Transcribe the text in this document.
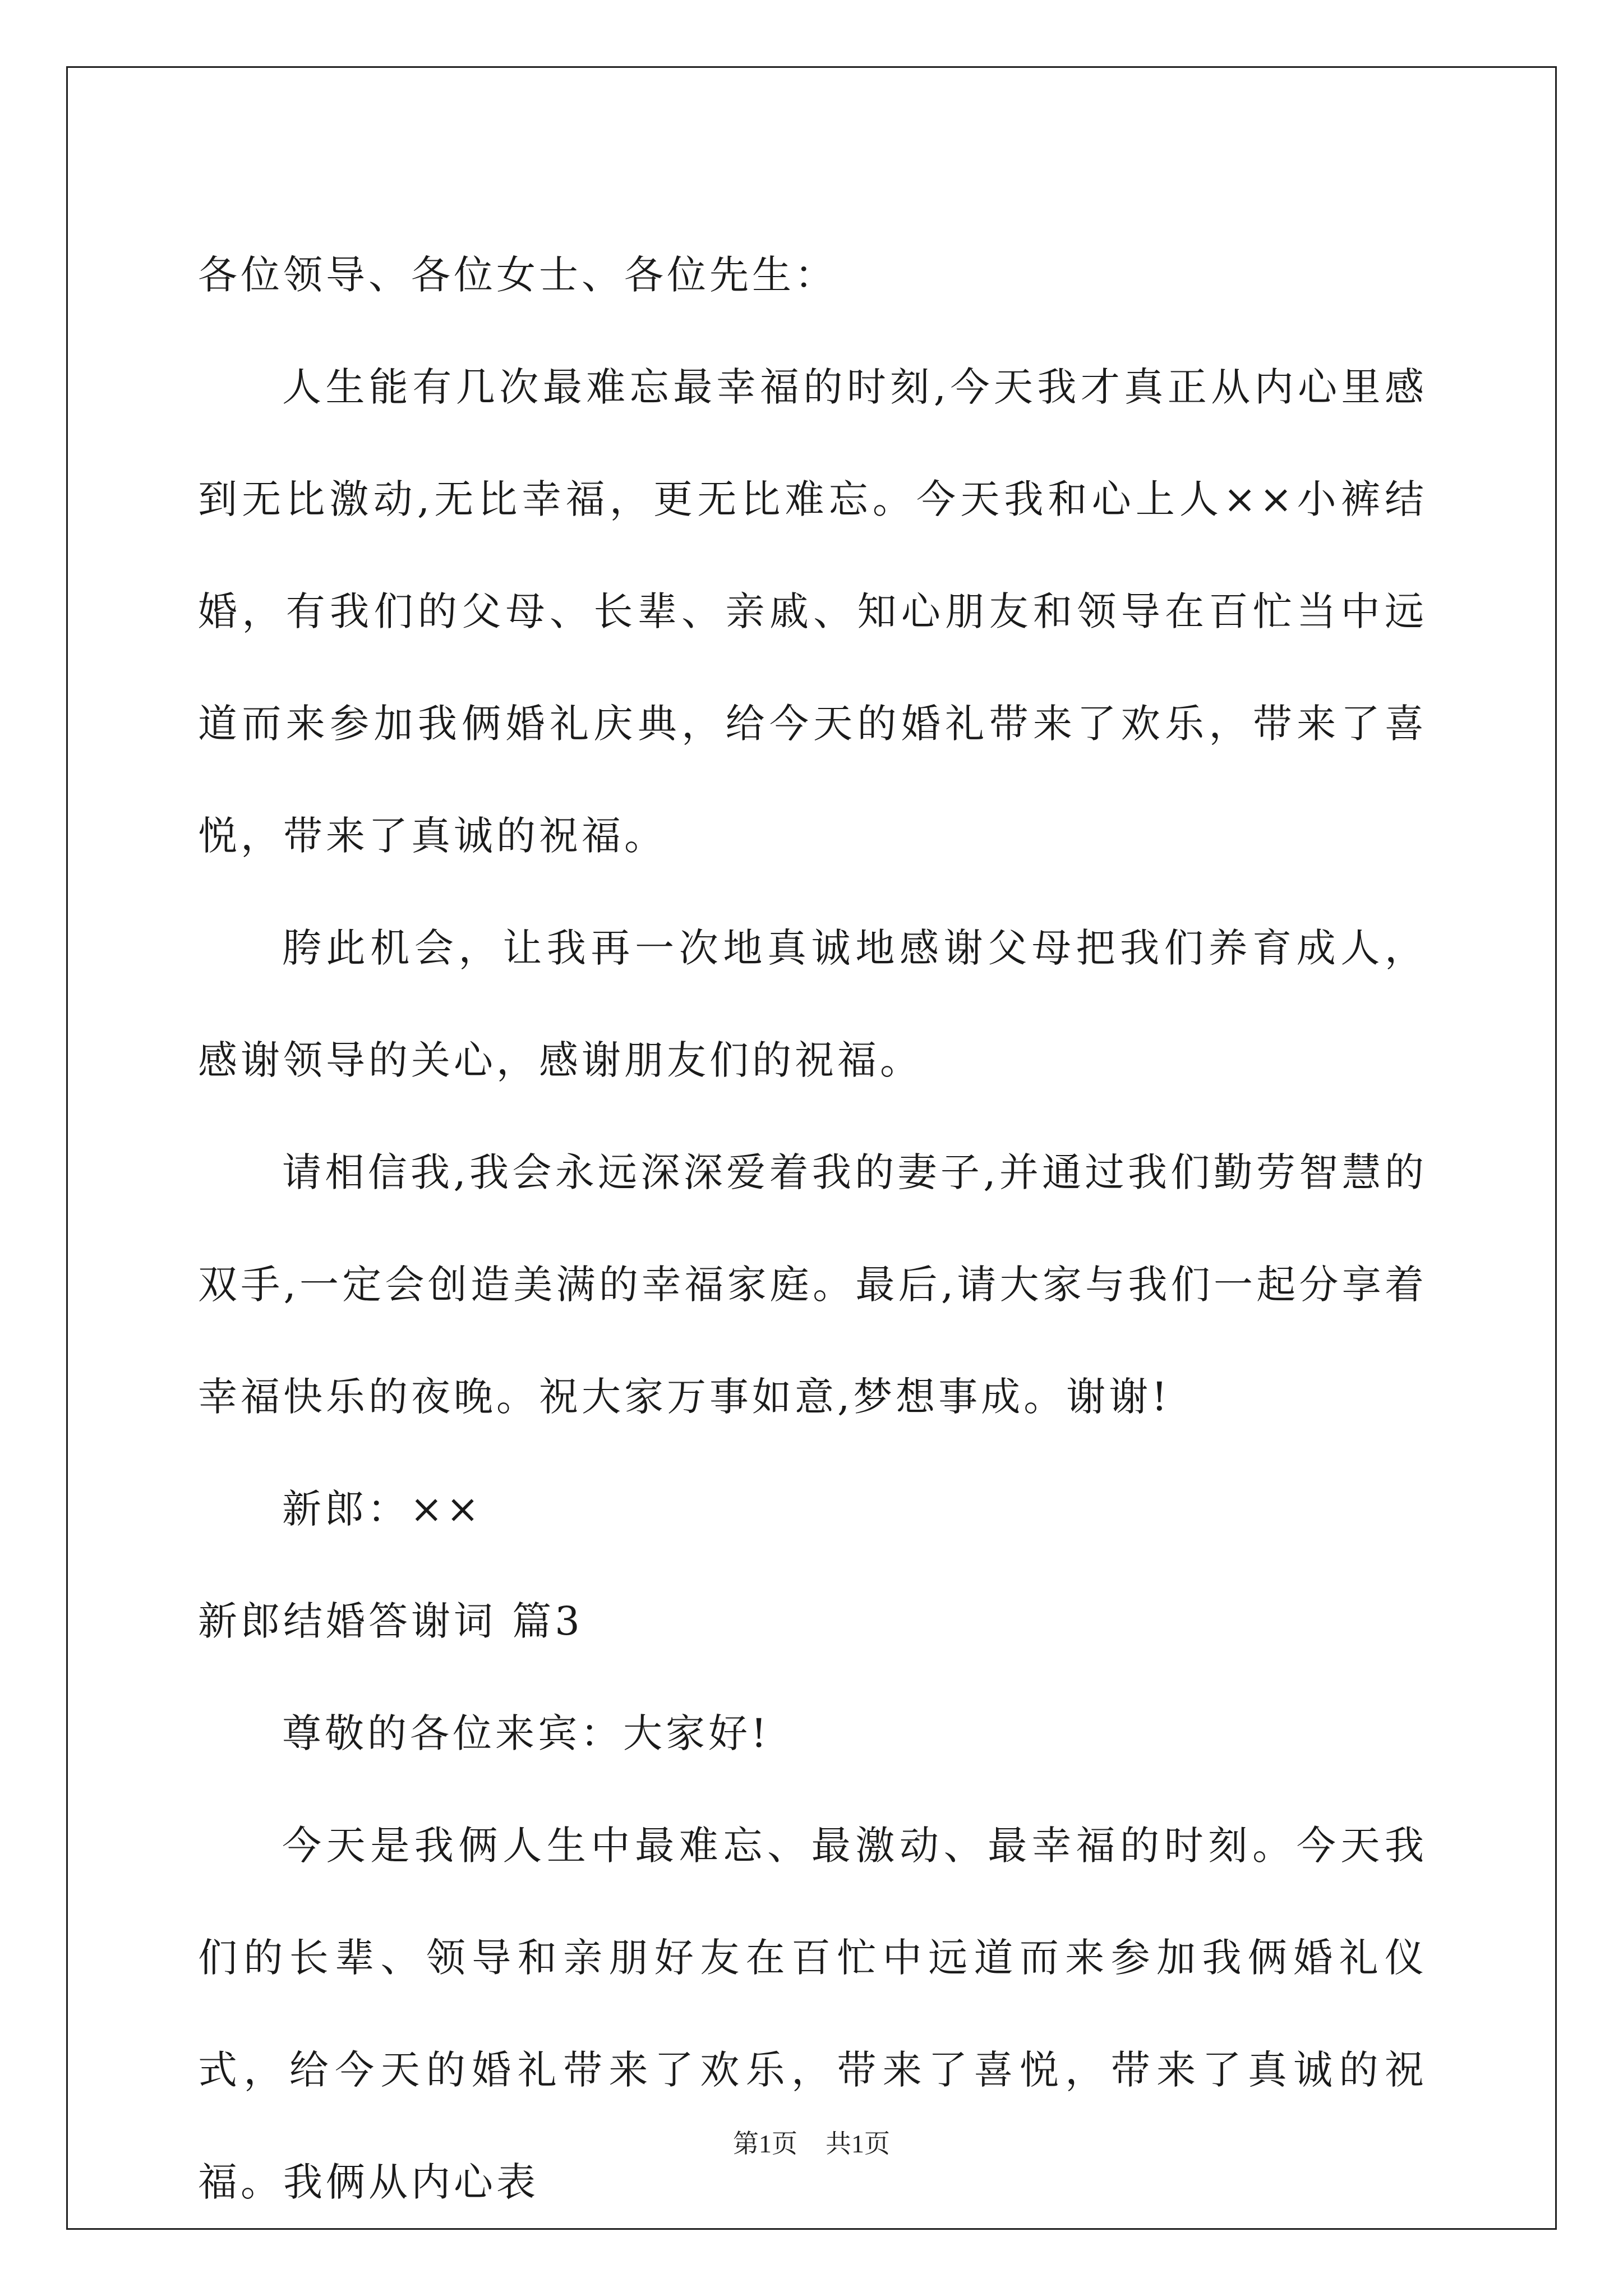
各位领导、各位女士、各位先生：

人生能有几次最难忘最幸福的时刻,今天我才真正从内心里感到无比激动,无比幸福，更无比难忘。今天我和心上人××小裤结婚，有我们的父母、长辈、亲戚、知心朋友和领导在百忙当中远道而来参加我俩婚礼庆典，给今天的婚礼带来了欢乐，带来了喜悦，带来了真诚的祝福。

胯此机会，让我再一次地真诚地感谢父母把我们养育成人，感谢领导的关心，感谢朋友们的祝福。

请相信我,我会永远深深爱着我的妻子,并通过我们勤劳智慧的双手,一定会创造美满的幸福家庭。最后,请大家与我们一起分享着幸福快乐的夜晚。祝大家万事如意,梦想事成。谢谢!

新郎：××

新郎结婚答谢词 篇3

尊敬的各位来宾：大家好!

今天是我俩人生中最难忘、最激动、最幸福的时刻。今天我们的长辈、领导和亲朋好友在百忙中远道而来参加我俩婚礼仪式，给今天的婚礼带来了欢乐，带来了喜悦，带来了真诚的祝福。我俩从内心表

第1页 共1页
